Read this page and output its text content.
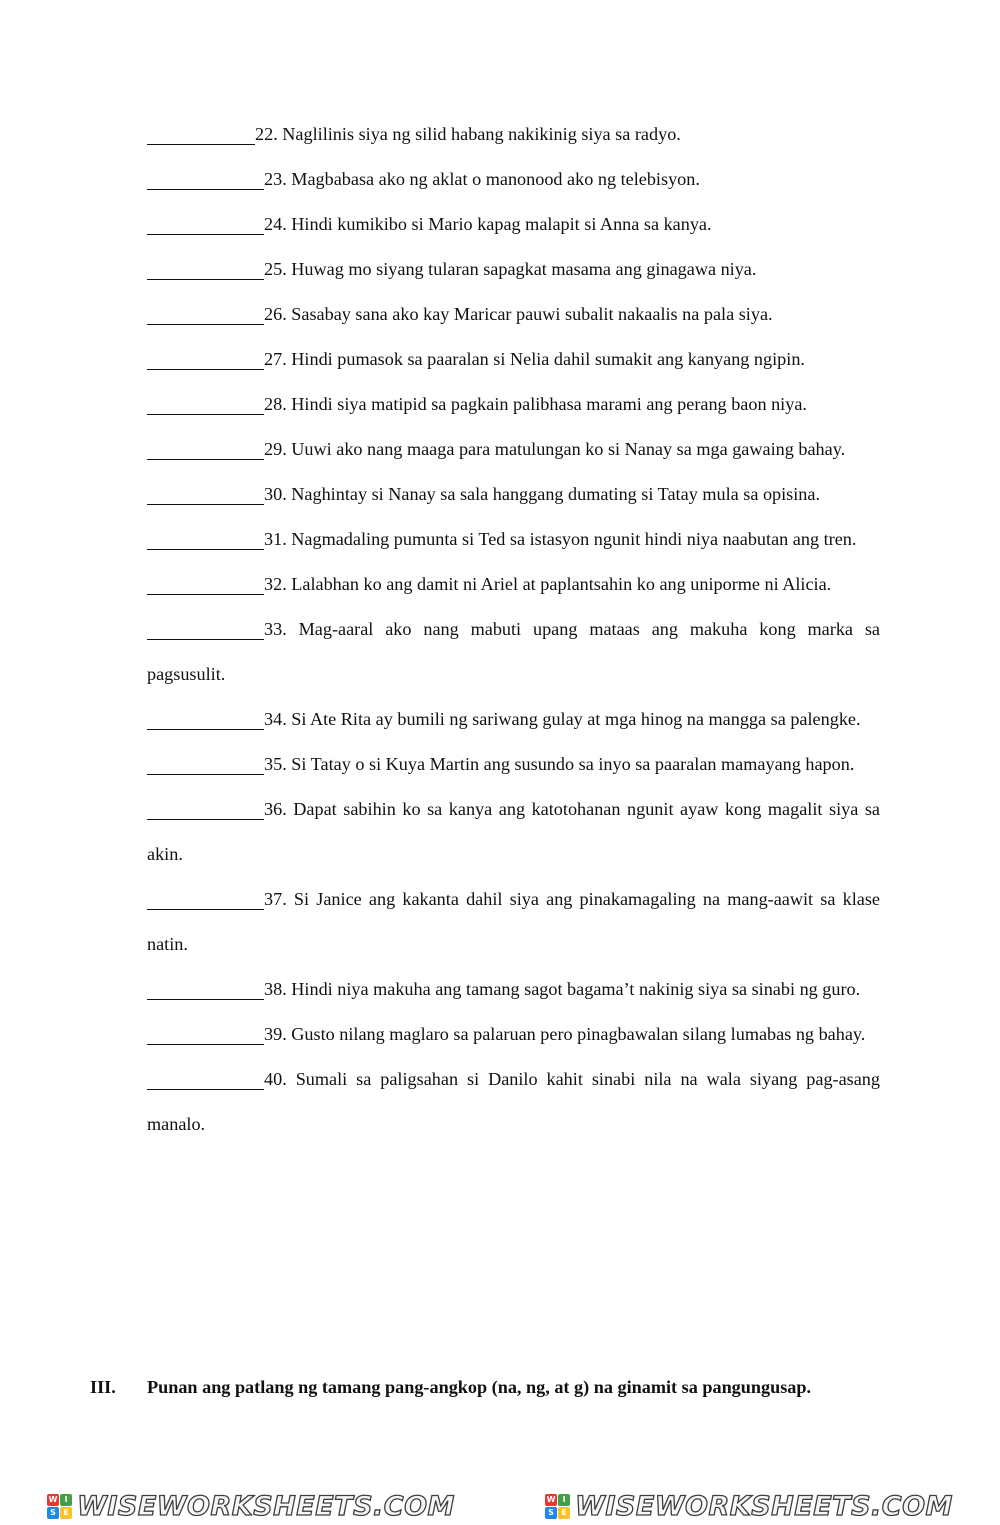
22. Naglilinis siya ng silid habang nakikinig siya sa radyo.
23. Magbabasa ako ng aklat o manonood ako ng telebisyon.
24. Hindi kumikibo si Mario kapag malapit si Anna sa kanya.
25. Huwag mo siyang tularan sapagkat masama ang ginagawa niya.
26. Sasabay sana ako kay Maricar pauwi subalit nakaalis na pala siya.
27. Hindi pumasok sa paaralan si Nelia dahil sumakit ang kanyang ngipin.
28. Hindi siya matipid sa pagkain palibhasa marami ang perang baon niya.
29. Uuwi ako nang maaga para matulungan ko si Nanay sa mga gawaing bahay.
30. Naghintay si Nanay sa sala hanggang dumating si Tatay mula sa opisina.
31. Nagmadaling pumunta si Ted sa istasyon ngunit hindi niya naabutan ang tren.
32. Lalabhan ko ang damit ni Ariel at paplantsahin ko ang uniporme ni Alicia.
33. Mag-aaral ako nang mabuti upang mataas ang makuha kong marka sa pagsusulit.
34. Si Ate Rita ay bumili ng sariwang gulay at mga hinog na mangga sa palengke.
35. Si Tatay o si Kuya Martin ang susundo sa inyo sa paaralan mamayang hapon.
36. Dapat sabihin ko sa kanya ang katotohanan ngunit ayaw kong magalit siya sa akin.
37. Si Janice ang kakanta dahil siya ang pinakamagaling na mang-aawit sa klase natin.
38. Hindi niya makuha ang tamang sagot bagama’t nakinig siya sa sinabi ng guro.
39. Gusto nilang maglaro sa palaruan pero pinagbawalan silang lumabas ng bahay.
40. Sumali sa paligsahan si Danilo kahit sinabi nila na wala siyang pag-asang manalo.
III. Punan ang patlang ng tamang pang-angkop (na, ng, at g) na ginamit sa pangungusap.
W I
S E WISEWORKSHEETS.COM	W I
S E WISEWORKSHEETS.COM
